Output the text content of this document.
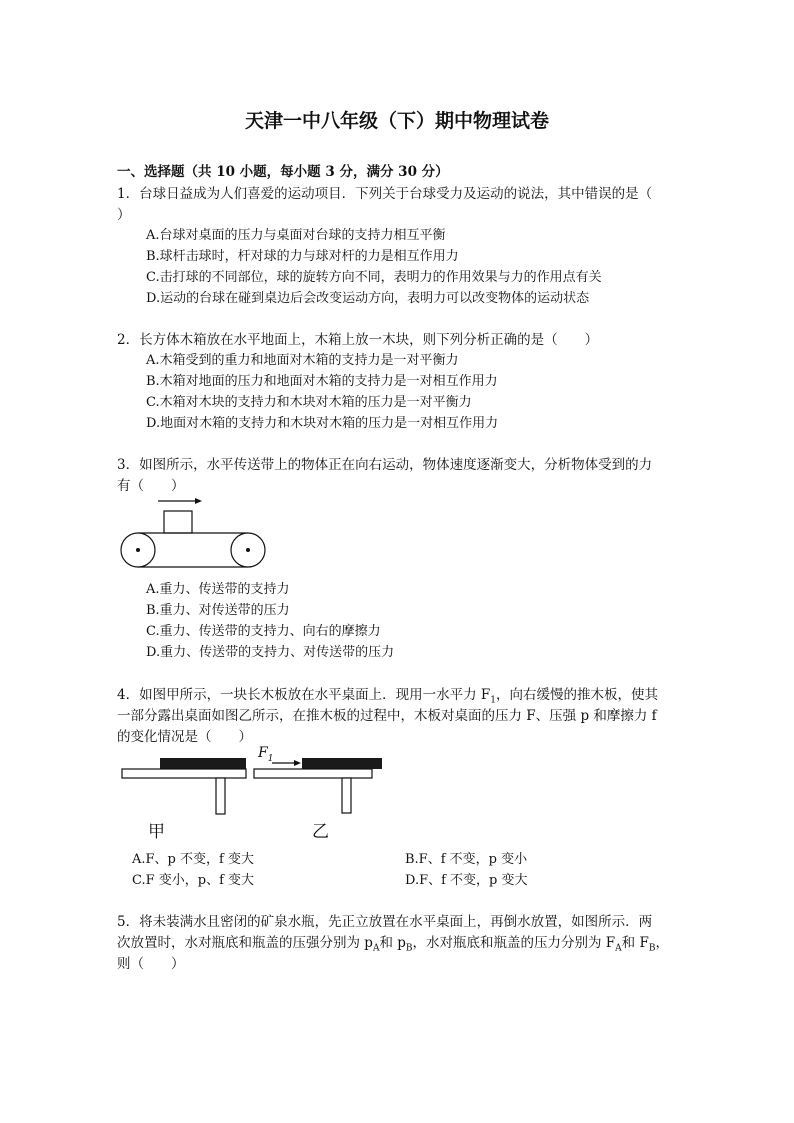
天津一中八年级（下）期中物理试卷
一、选择题（共 10 小题，每小题 3 分，满分 30 分）
1．台球日益成为人们喜爱的运动项目．下列关于台球受力及运动的说法，其中错误的是（
）
A.台球对桌面的压力与桌面对台球的支持力相互平衡
B.球杆击球时，杆对球的力与球对杆的力是相互作用力
C.击打球的不同部位，球的旋转方向不同，表明力的作用效果与力的作用点有关
D.运动的台球在碰到桌边后会改变运动方向，表明力可以改变物体的运动状态
2．长方体木箱放在水平地面上，木箱上放一木块，则下列分析正确的是（　　）
A.木箱受到的重力和地面对木箱的支持力是一对平衡力
B.木箱对地面的压力和地面对木箱的支持力是一对相互作用力
C.木箱对木块的支持力和木块对木箱的压力是一对平衡力
D.地面对木箱的支持力和木块对木箱的压力是一对相互作用力
3．如图所示，水平传送带上的物体正在向右运动，物体速度逐渐变大，分析物体受到的力
有（　　）
A.重力、传送带的支持力
B.重力、对传送带的压力
C.重力、传送带的支持力、向右的摩擦力
D.重力、传送带的支持力、对传送带的压力
4．如图甲所示，一块长木板放在水平桌面上．现用一水平力 $F_1$，向右缓慢的推木板，使其
一部分露出桌面如图乙所示，在推木板的过程中，木板对桌面的压力 F、压强 p 和摩擦力 f
的变化情况是（　　）
甲
$F_1$
乙
A.F、p 不变，f 变大	B.F、f 不变，p 变小
C.F 变小，p、f 变大	D.F、f 不变，p 变大
5．将未装满水且密闭的矿泉水瓶，先正立放置在水平桌面上，再倒水放置，如图所示．两
次放置时，水对瓶底和瓶盖的压强分别为 $p_A$和 $p_B$，水对瓶底和瓶盖的压力分别为 $F_A$和 $F_B$，
则（　　）
